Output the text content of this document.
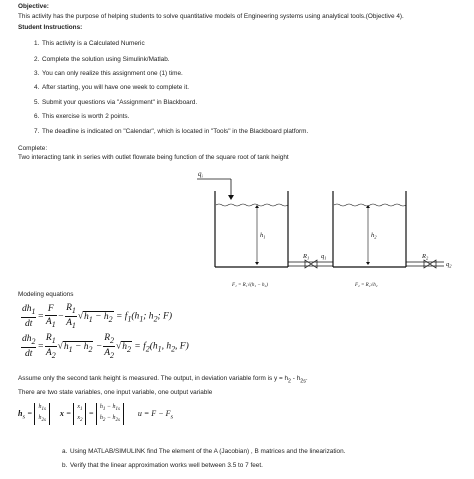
Objective:
This activity has the purpose of helping students to solve quantitative models of Engineering systems using analytical tools.(Objective 4).
Student Instructions:
1. This activity is a Calculated Numeric
2. Complete the solution using Simulink/Matlab.
3. You can only realize this assignment one (1) time.
4. After starting, you will have one week to complete it.
5. Submit your questions via "Assignment" in Blackboard.
6. This exercise is worth 2 points.
7. The deadline is indicated on "Calendar", which is located in "Tools" in the Blackboard platform.
Complete:
Two interacting tank in series with outlet flowrate being function of the square root of tank height
$q_i$
$h_1$	$h_2$
$R_1$ $q_1$	$R_2$
$q_2$
F₁ = R₁√(h₁ − h₂)	F₂ = R₂√h₂
Modeling equations
$\frac{dh_1}{dt} = \frac{F}{A_1} - \frac{R_1}{A_1} √h_1 - h_2 = f_1(h_1$; $h_2$; F)
$\frac{dh_2}{dt} = \frac{R_1}{A_2} √h_1 - h_2 - \frac{R_2}{A_2} √h_2 = f_2(h_1$, $h_2$, F)
Assume only the second tank height is measured. The output, in deviation variable form is $y = h_2 - h_{2s}$.
There are two state variables, one input variable, one output variable
$h_s$ =
$h_{1s}$
$h_{2s}$
x =
$x_1$
$x_2$
=
$h_1 - h_{1s}$
$h_2 - h_{2s}$
$u = F - F_s$
a. Using MATLAB/SIMULINK find The element of the A (Jacobian) , B matrices and the linearization.
b. Verify that the linear approximation works well between 3.5 to 7 feet.
